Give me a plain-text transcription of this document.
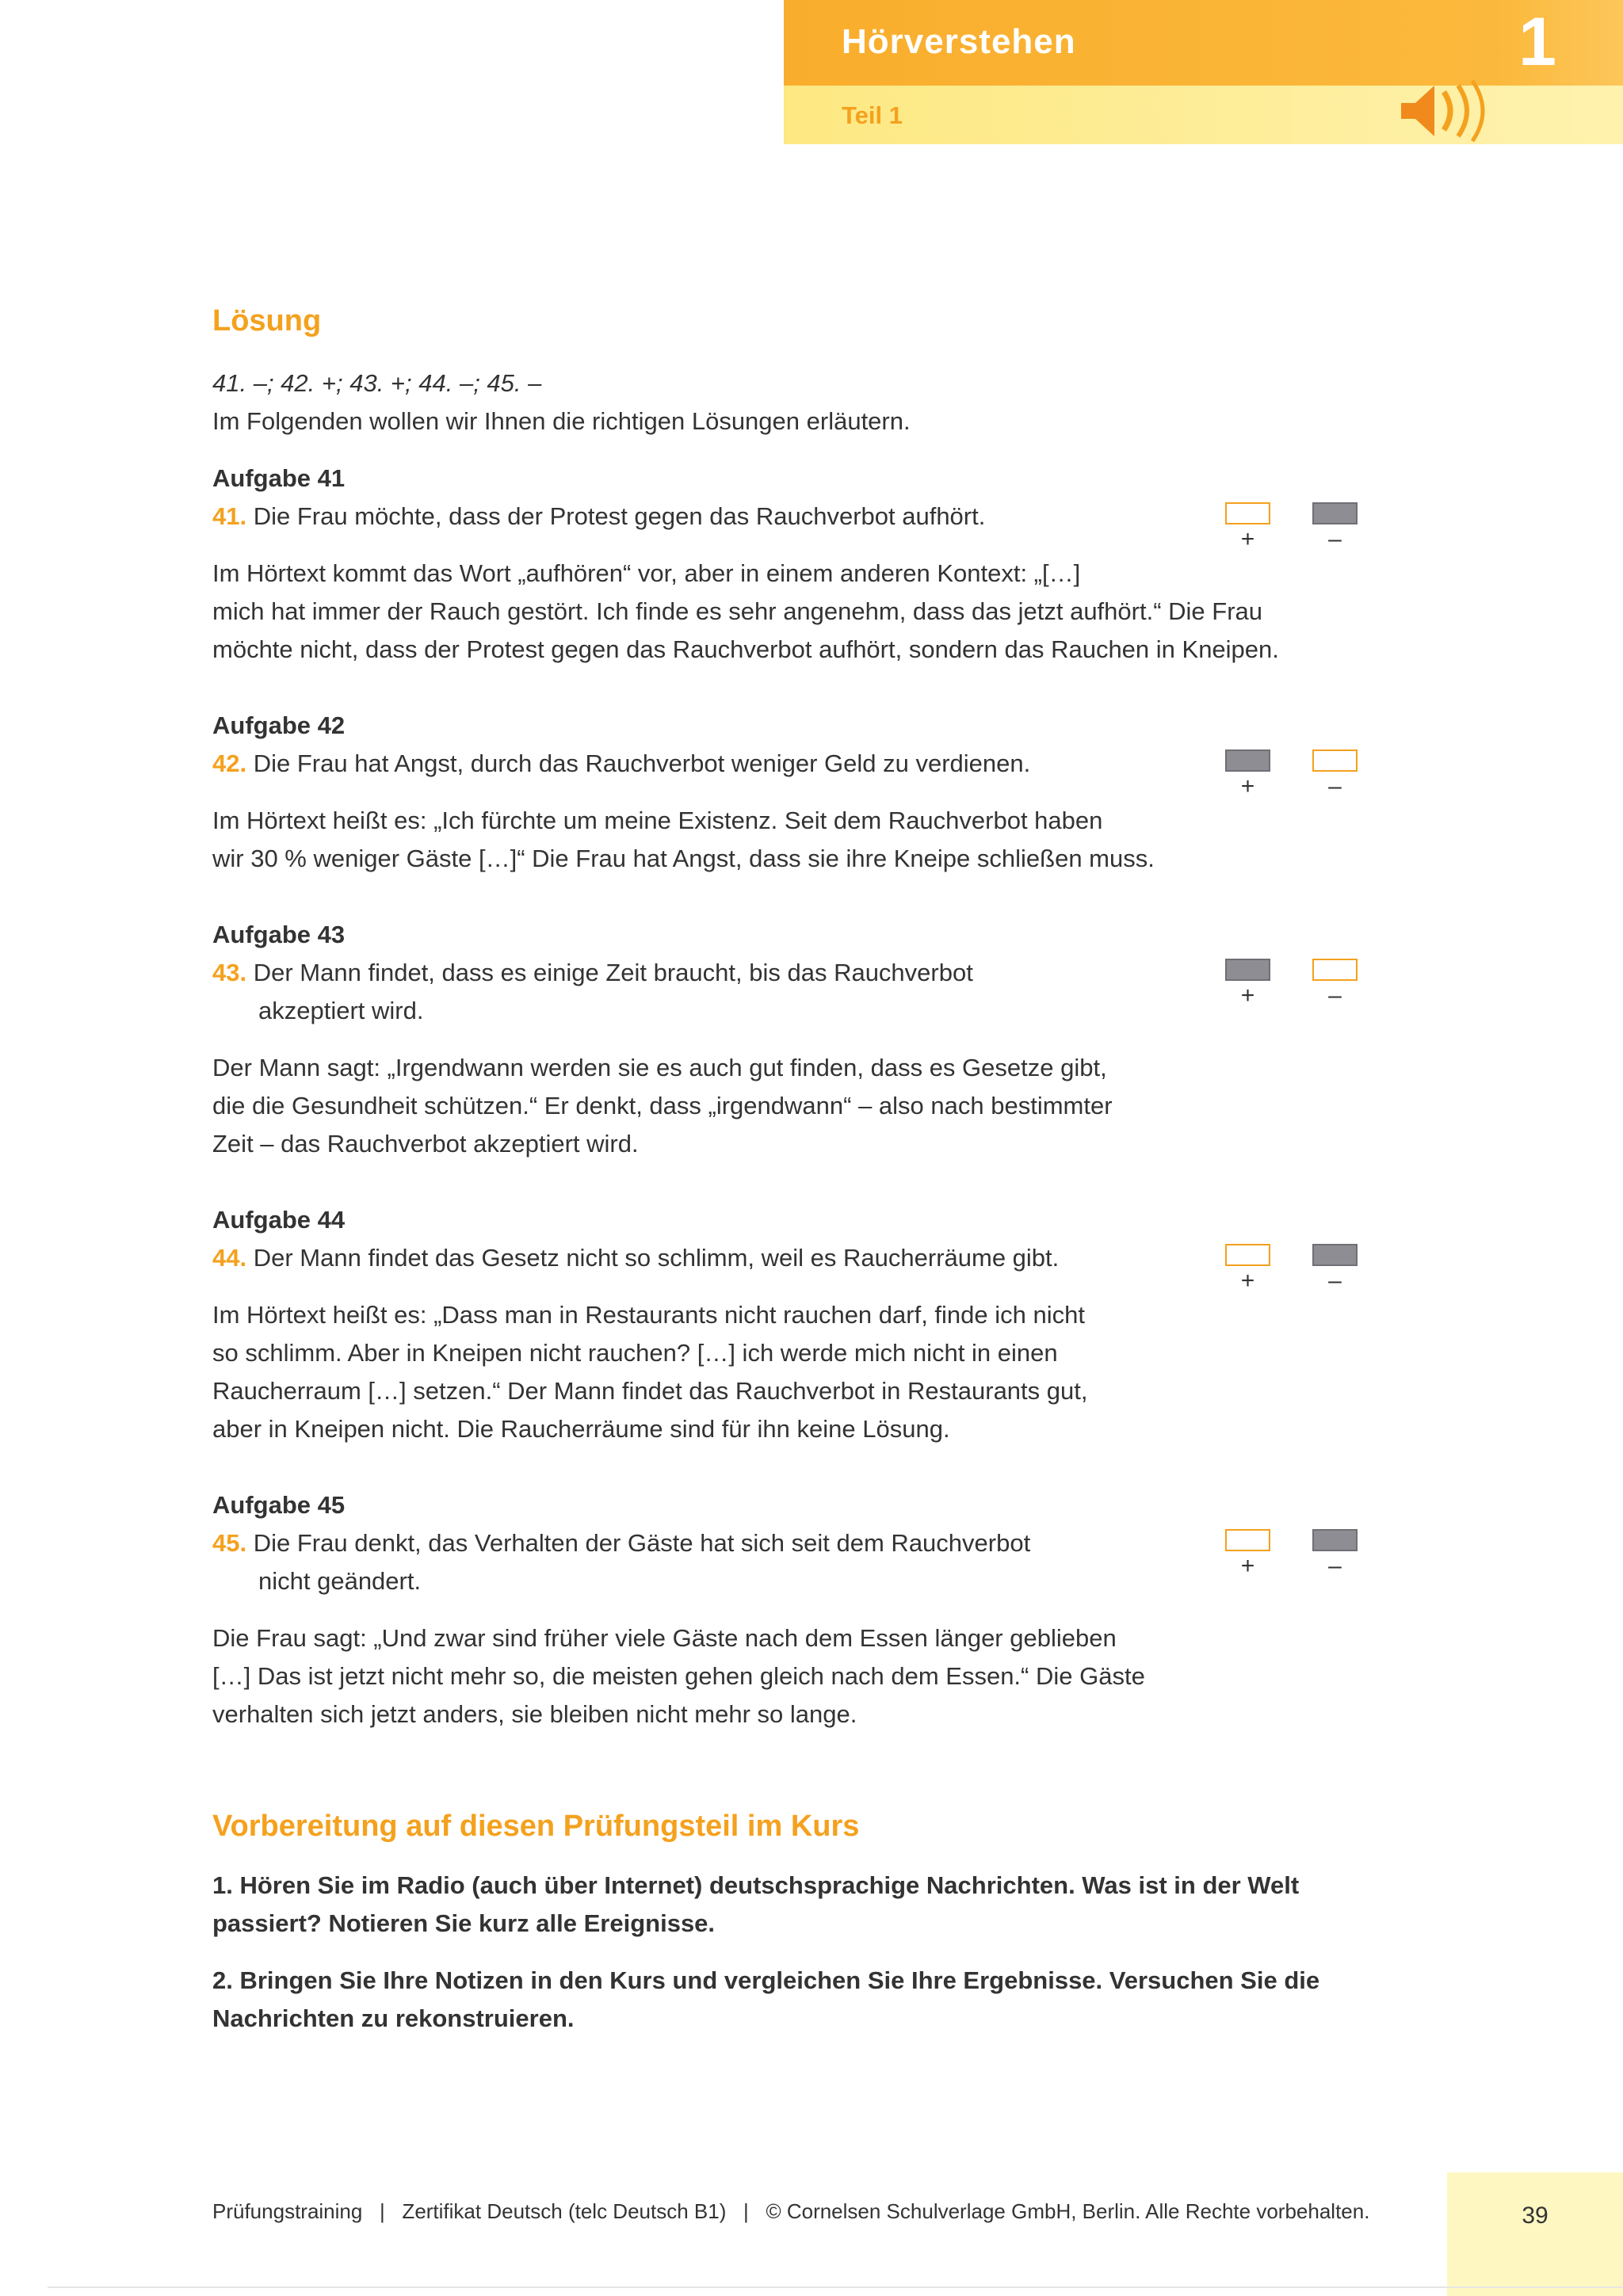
Hörverstehen
Teil 1
1
Lösung
41. –; 42. +; 43. +; 44. –; 45. –
Im Folgenden wollen wir Ihnen die richtigen Lösungen erläutern.
Aufgabe 41
41. Die Frau möchte, dass der Protest gegen das Rauchverbot aufhört.
+	–
Im Hörtext kommt das Wort „aufhören“ vor, aber in einem anderen Kontext: „[…]
mich hat immer der Rauch gestört. Ich finde es sehr angenehm, dass das jetzt aufhört.“ Die Frau
möchte nicht, dass der Protest gegen das Rauchverbot aufhört, sondern das Rauchen in Kneipen.
Aufgabe 42
42. Die Frau hat Angst, durch das Rauchverbot weniger Geld zu verdienen.
+	–
Im Hörtext heißt es: „Ich fürchte um meine Existenz. Seit dem Rauchverbot haben
wir 30 % weniger Gäste […]“ Die Frau hat Angst, dass sie ihre Kneipe schließen muss.
Aufgabe 43
43. Der Mann findet, dass es einige Zeit braucht, bis das Rauchverbot
akzeptiert wird.
+	–
Der Mann sagt: „Irgendwann werden sie es auch gut finden, dass es Gesetze gibt,
die die Gesundheit schützen.“ Er denkt, dass „irgendwann“ – also nach bestimmter
Zeit – das Rauchverbot akzeptiert wird.
Aufgabe 44
44. Der Mann findet das Gesetz nicht so schlimm, weil es Raucherräume gibt.
+	–
Im Hörtext heißt es: „Dass man in Restaurants nicht rauchen darf, finde ich nicht
so schlimm. Aber in Kneipen nicht rauchen? […] ich werde mich nicht in einen
Raucherraum […] setzen.“ Der Mann findet das Rauchverbot in Restaurants gut,
aber in Kneipen nicht. Die Raucherräume sind für ihn keine Lösung.
Aufgabe 45
45. Die Frau denkt, das Verhalten der Gäste hat sich seit dem Rauchverbot
nicht geändert.
+	–
Die Frau sagt: „Und zwar sind früher viele Gäste nach dem Essen länger geblieben
[…] Das ist jetzt nicht mehr so, die meisten gehen gleich nach dem Essen.“ Die Gäste
verhalten sich jetzt anders, sie bleiben nicht mehr so lange.
Vorbereitung auf diesen Prüfungsteil im Kurs
1. Hören Sie im Radio (auch über Internet) deutschsprachige Nachrichten. Was ist in der Welt
passiert? Notieren Sie kurz alle Ereignisse.
2. Bringen Sie Ihre Notizen in den Kurs und vergleichen Sie Ihre Ergebnisse. Versuchen Sie die
Nachrichten zu rekonstruieren.
Prüfungstraining   |   Zertifikat Deutsch (telc Deutsch B1)   |   © Cornelsen Schulverlage GmbH, Berlin. Alle Rechte vorbehalten.	39
